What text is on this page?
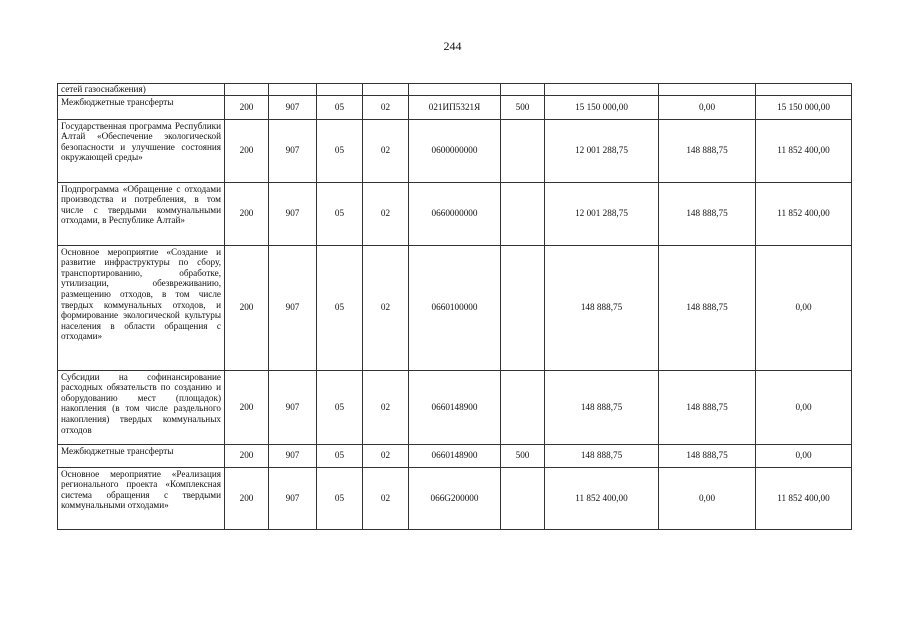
244
сетей газоснабжения)									
Межбюджетные трансферты	200	907	05	02	021ИП5321Я	500	15 150 000,00	0,00	15 150 000,00
Государственная программа Республики Алтай «Обеспечение экологической безопасности и улучшение состояния окружающей среды»	200	907	05	02	0600000000		12 001 288,75	148 888,75	11 852 400,00
Подпрограмма «Обращение с отходами производства и потребления, в том числе с твердыми коммунальными отходами, в Республике Алтай»	200	907	05	02	0660000000		12 001 288,75	148 888,75	11 852 400,00
Основное мероприятие «Создание и развитие инфраструктуры по сбору, транспортированию, обработке, утилизации, обезвреживанию, размещению отходов, в том числе твердых коммунальных отходов, и формирование экологической культуры населения в области обращения с отходами»	200	907	05	02	0660100000		148 888,75	148 888,75	0,00
Субсидии на софинансирование расходных обязательств по созданию и оборудованию мест (площадок) накопления (в том числе раздельного накопления) твердых коммунальных отходов	200	907	05	02	0660148900		148 888,75	148 888,75	0,00
Межбюджетные трансферты	200	907	05	02	0660148900	500	148 888,75	148 888,75	0,00
Основное мероприятие «Реализация регионального проекта «Комплексная система обращения с твердыми коммунальными отходами»	200	907	05	02	066G200000		11 852 400,00	0,00	11 852 400,00
